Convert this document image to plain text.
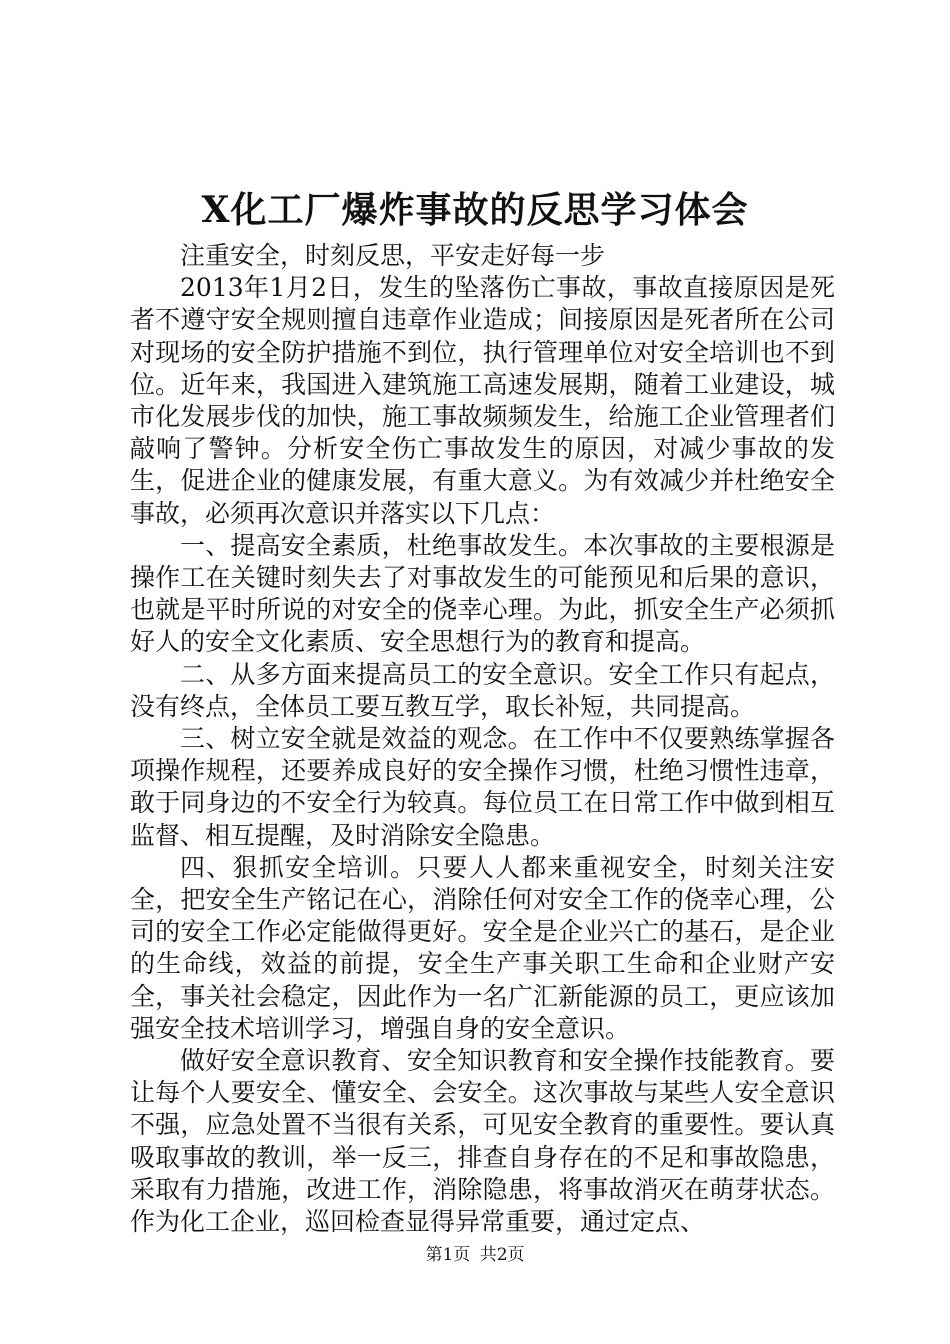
X化工厂爆炸事故的反思学习体会

注重安全，时刻反思，平安走好每一步

2013年1月2日，发生的坠落伤亡事故，事故直接原因是死者不遵守安全规则擅自违章作业造成；间接原因是死者所在公司对现场的安全防护措施不到位，执行管理单位对安全培训也不到位。近年来，我国进入建筑施工高速发展期，随着工业建设，城市化发展步伐的加快，施工事故频频发生，给施工企业管理者们敲响了警钟。分析安全伤亡事故发生的原因，对减少事故的发生，促进企业的健康发展，有重大意义。为有效减少并杜绝安全事故，必须再次意识并落实以下几点：

一、提高安全素质，杜绝事故发生。本次事故的主要根源是操作工在关键时刻失去了对事故发生的可能预见和后果的意识，也就是平时所说的对安全的侥幸心理。为此，抓安全生产必须抓好人的安全文化素质、安全思想行为的教育和提高。

二、从多方面来提高员工的安全意识。安全工作只有起点，没有终点，全体员工要互教互学，取长补短，共同提高。

三、树立安全就是效益的观念。在工作中不仅要熟练掌握各项操作规程，还要养成良好的安全操作习惯，杜绝习惯性违章，敢于同身边的不安全行为较真。每位员工在日常工作中做到相互监督、相互提醒，及时消除安全隐患。

四、狠抓安全培训。只要人人都来重视安全，时刻关注安全，把安全生产铭记在心，消除任何对安全工作的侥幸心理，公司的安全工作必定能做得更好。安全是企业兴亡的基石，是企业的生命线，效益的前提，安全生产事关职工生命和企业财产安全，事关社会稳定，因此作为一名广汇新能源的员工，更应该加强安全技术培训学习，增强自身的安全意识。

做好安全意识教育、安全知识教育和安全操作技能教育。要让每个人要安全、懂安全、会安全。这次事故与某些人安全意识不强，应急处置不当很有关系，可见安全教育的重要性。要认真吸取事故的教训，举一反三，排查自身存在的不足和事故隐患，采取有力措施，改进工作，消除隐患，将事故消灭在萌芽状态。作为化工企业，巡回检查显得异常重要，通过定点、

第1页 共2页
